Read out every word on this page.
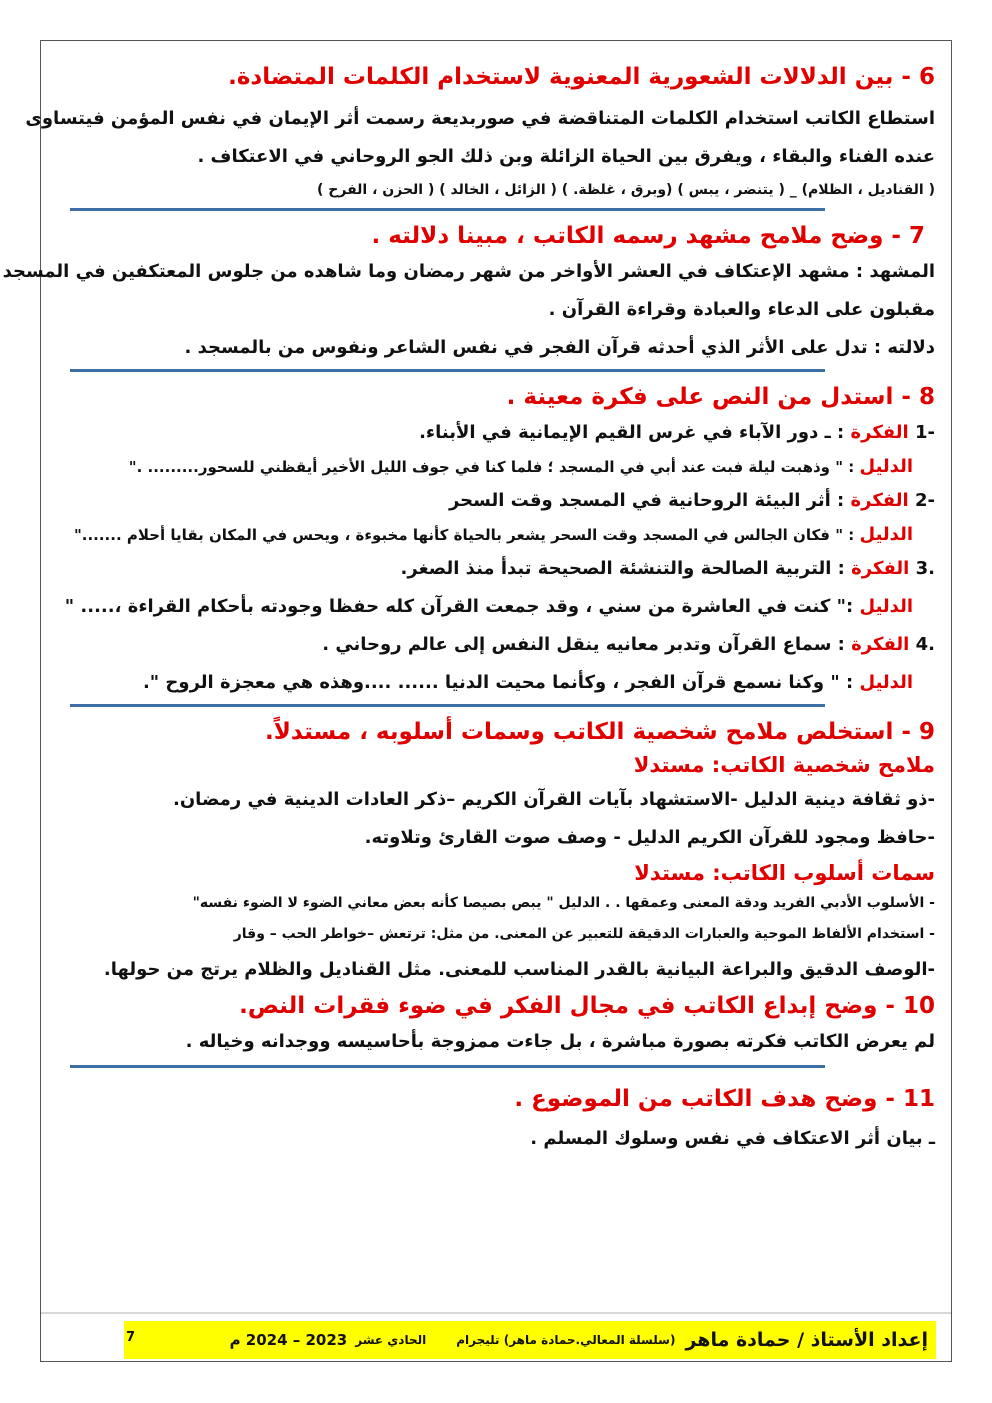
6 - بين الدلالات الشعورية المعنوية لاستخدام الكلمات المتضادة.
استطاع الكاتب استخدام الكلمات المتناقضة في صوربديعة رسمت أثر الإيمان في نفس المؤمن فيتساوى
عنده الفناء والبقاء ، ويفرق بين الحياة الزائلة وبن ذلك الجو الروحاني في الاعتكاف .
( القناديل ، الظلام) _ ( يتنضر ، يبس ) (وبرق ، غلظة. ) ( الزائل ، الخالد ) ( الحزن ، الفرح )
7 - وضح ملامح مشهد رسمه الكاتب ، مبينا دلالته .
المشهد : مشهد الإعتكاف في العشر الأواخر من شهر رمضان وما شاهده من جلوس المعتكفين في المسجد
مقبلون على الدعاء والعبادة وقراءة القرآن .
دلالته : تدل على الأثر الذي أحدثه قرآن الفجر في نفس الشاعر ونفوس من بالمسجد .
8 - استدل من النص على فكرة معينة .
-1 الفكرة : ـ دور الآباء في غرس القيم الإيمانية في الأبناء.
الدليل : " وذهبت ليلة فبت عند أبي في المسجد ؛ فلما كنا في جوف الليل الأخير أيقظني للسحور......... ."
-2 الفكرة : أثر البيئة الروحانية في المسجد وقت السحر
الدليل : " فكان الجالس في المسجد وقت السحر يشعر بالحياة كأنها مخبوءة ، ويحس في المكان بقايا أحلام ......."
.3 الفكرة : التربية الصالحة والتنشئة الصحيحة تبدأ منذ الصغر.
الدليل :" كنت في العاشرة من سني ، وقد جمعت القرآن كله حفظا وجودته بأحكام القراءة ،..... "
.4 الفكرة : سماع القرآن وتدبر معانيه ينقل النفس إلى عالم روحاني .
الدليل : " وكنا نسمع قرآن الفجر ، وكأنما محيت الدنيا ...... ....وهذه هي معجزة الروح ".
9 - استخلص ملامح شخصية الكاتب وسمات أسلوبه ، مستدلاً.
ملامح شخصية الكاتب: مستدلا
-ذو ثقافة دينية الدليل -الاستشهاد بآيات القرآن الكريم –ذكر العادات الدينية في رمضان.
-حافظ ومجود للقرآن الكريم الدليل - وصف صوت القارئ وتلاوته.
سمات أسلوب الكاتب: مستدلا
- الأسلوب الأدبي الفريد ودقة المعنى وعمقها . . الدليل " يبص بصيصا كأنه بعض معاني الضوء لا الضوء نفسه"
- استخدام الألفاظ الموحية والعبارات الدقيقة للتعبير عن المعنى. من مثل: ترتعش –خواطر الحب – وقار
-الوصف الدقيق والبراعة البيانية بالقدر المناسب للمعنى. مثل القناديل والظلام يرتج من حولها.
10 - وضح إبداع الكاتب في مجال الفكر في ضوء فقرات النص.
لم يعرض الكاتب فكرته بصورة مباشرة ، بل جاءت ممزوجة بأحاسيسه ووجدانه وخياله .
11 - وضح هدف الكاتب من الموضوع .
ـ بيان أثر الاعتكاف في نفس وسلوك المسلم .
إعداد الأستاذ / حمادة ماهر
(سلسلة المعالي.حمادة ماهر) تليجرام
الحادي عشر
2023 – 2024 م
7
